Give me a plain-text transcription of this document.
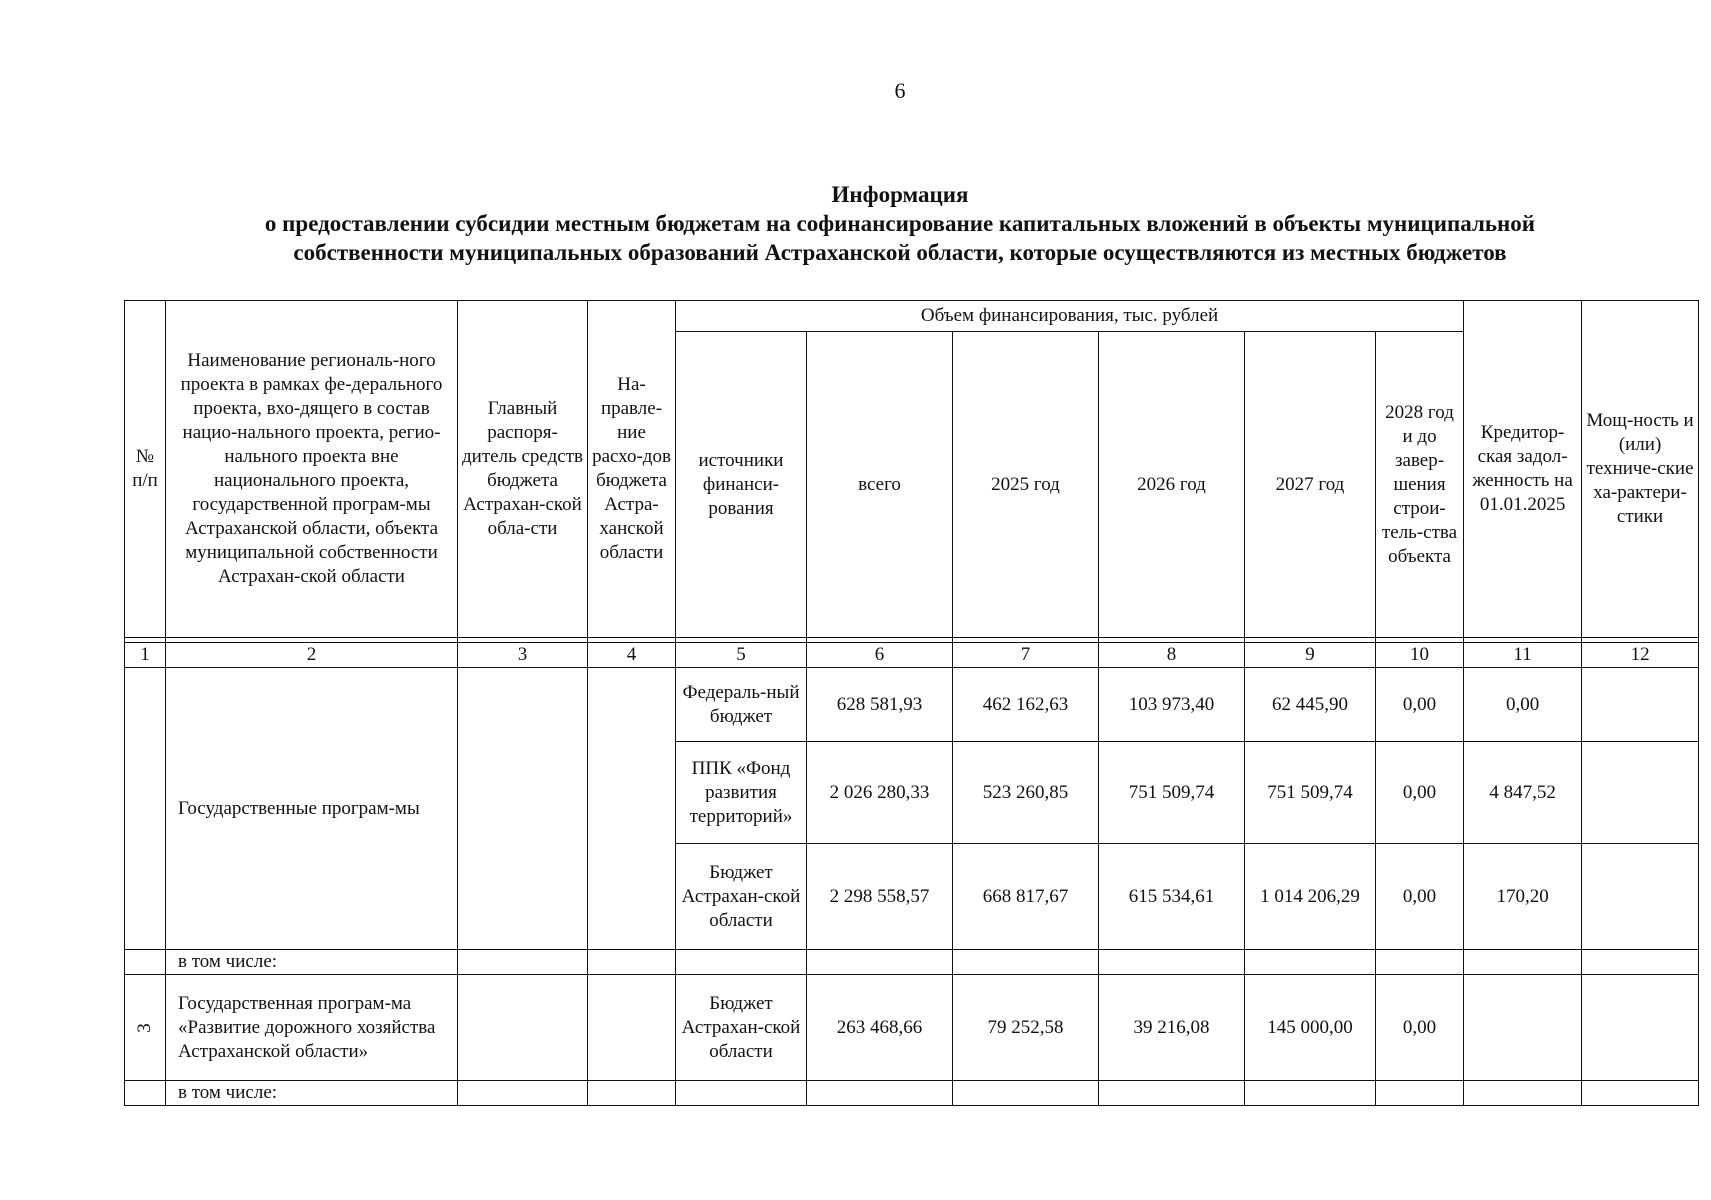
6
Информация
о предоставлении субсидии местным бюджетам на софинансирование капитальных вложений в объекты муниципальной
собственности муниципальных образований Астраханской области, которые осуществляются из местных бюджетов
№ п/п	Наименование региональ-ного проекта в рамках фе-дерального проекта, вхо-дящего в состав нацио-нального проекта, регио-нального проекта вне национального проекта, государственной програм-мы Астраханской области, объекта муниципальной собственности Астрахан-ской области	Главный распоря-дитель средств бюджета Астрахан-ской обла-сти	На-правле-ние расхо-дов бюджета Астра-ханской области	Объем финансирования, тыс. рублей						Кредитор-ская задол-женность на 01.01.2025	Мощ-ность и (или) техниче-ские ха-рактери-стики
				источники финанси-рования	всего	2025 год	2026 год	2027 год	2028 год и до завер-шения строи-тель-ства объекта		

1	2	3	4	5	6	7	8	9	10	11	12
	Государственные програм-мы			Федераль-ный бюджет	628 581,93	462 162,63	103 973,40	62 445,90	0,00	0,00	
				ППК «Фонд развития территорий»	2 026 280,33	523 260,85	751 509,74	751 509,74	0,00	4 847,52	
				Бюджет Астрахан-ской области	2 298 558,57	668 817,67	615 534,61	1 014 206,29	0,00	170,20	
	в том числе:										
3	Государственная програм-ма «Развитие дорожного хозяйства Астраханской области»			Бюджет Астрахан-ской области	263 468,66	79 252,58	39 216,08	145 000,00	0,00		
	в том числе:										
